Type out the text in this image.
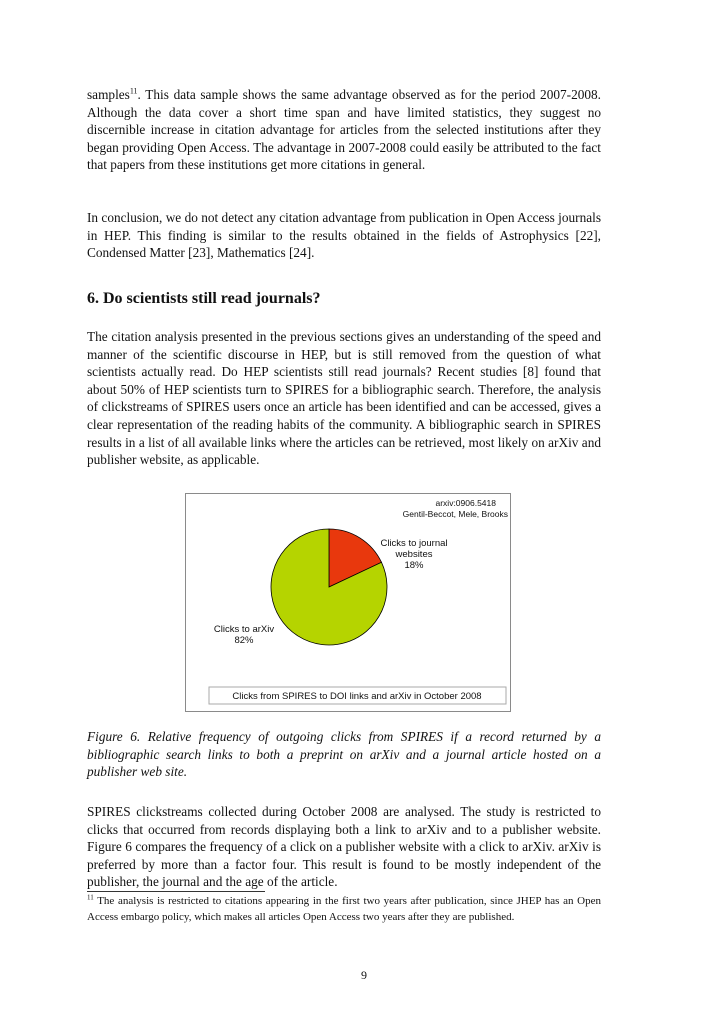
samples$^{11}$. This data sample shows the same advantage observed as for the period 2007-2008. Although the data cover a short time span and have limited statistics, they suggest no discernible increase in citation advantage for articles from the selected institutions after they began providing Open Access. The advantage in 2007-2008 could easily be attributed to the fact that papers from these institutions get more citations in general.

In conclusion, we do not detect any citation advantage from publication in Open Access journals in HEP. This finding is similar to the results obtained in the fields of Astrophysics [22], Condensed Matter [23], Mathematics [24].

6. Do scientists still read journals?

The citation analysis presented in the previous sections gives an understanding of the speed and manner of the scientific discourse in HEP, but is still removed from the question of what scientists actually read. Do HEP scientists still read journals? Recent studies [8] found that about 50% of HEP scientists turn to SPIRES for a bibliographic search. Therefore, the analysis of clickstreams of SPIRES users once an article has been identified and can be accessed, gives a clear representation of the reading habits of the community. A bibliographic search in SPIRES results in a list of all available links where the articles can be retrieved, most likely on arXiv and publisher website, as applicable.

arxiv:0906.5418
Gentil-Beccot, Mele, Brooks
Clicks to journal
websites
18%
Clicks to arXiv
82%
Clicks from SPIRES to DOI links and arXiv in October 2008

Figure 6. Relative frequency of outgoing clicks from SPIRES if a record returned by a bibliographic search links to both a preprint on arXiv and a journal article hosted on a publisher web site.

SPIRES clickstreams collected during October 2008 are analysed. The study is restricted to clicks that occurred from records displaying both a link to arXiv and to a publisher website. Figure 6 compares the frequency of a click on a publisher website with a click to arXiv. arXiv is preferred by more than a factor four. This result is found to be mostly independent of the publisher, the journal and the age of the article.

$^{11}$ The analysis is restricted to citations appearing in the first two years after publication, since JHEP has an Open Access embargo policy, which makes all articles Open Access two years after they are published.

9
